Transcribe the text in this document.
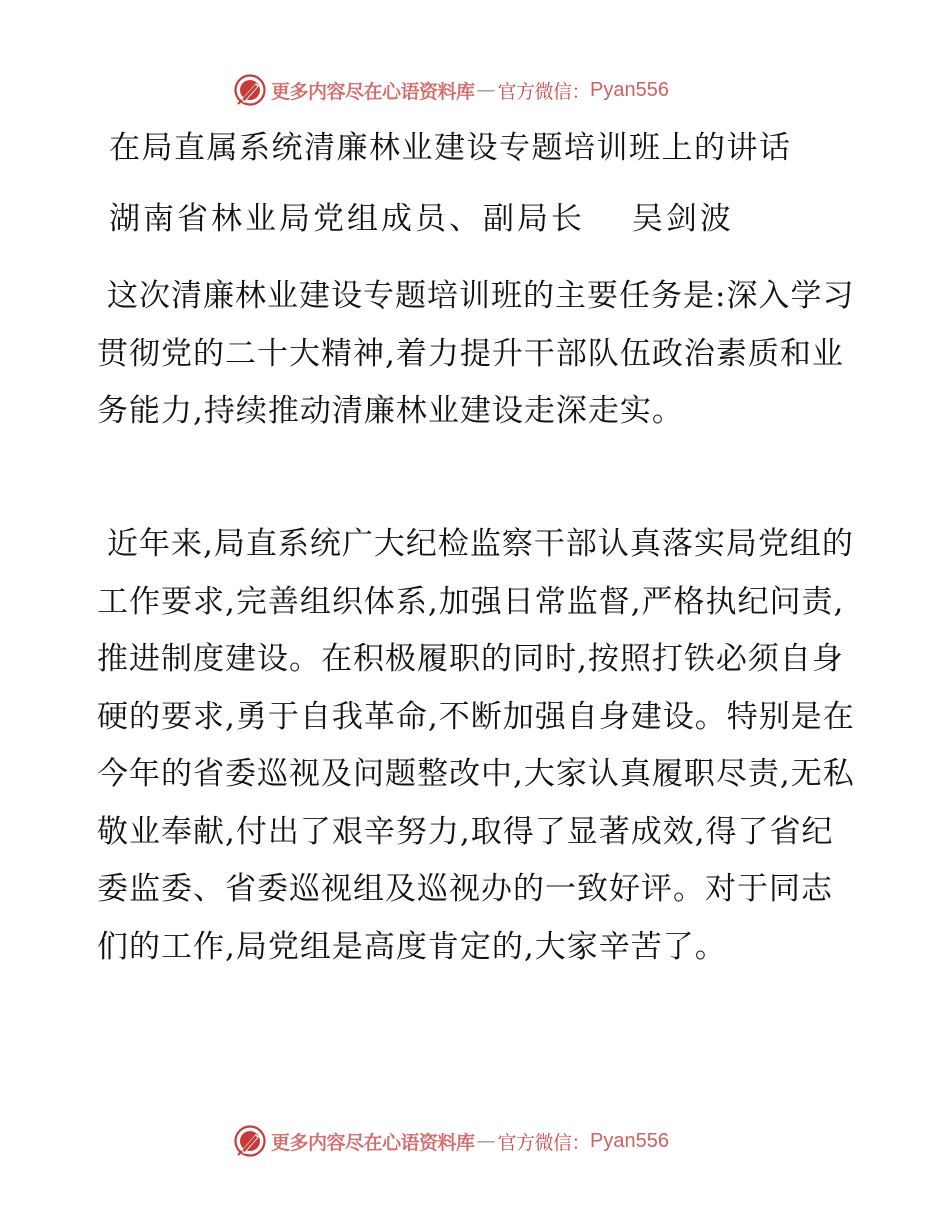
更多内容尽在心语资料库 — 官方微信： Pyan556
在局直属系统清廉林业建设专题培训班上的讲话
湖南省林业局党组成员、副局长　 吴剑波

这次清廉林业建设专题培训班的主要任务是:深入学习贯彻党的二十大精神,着力提升干部队伍政治素质和业务能力,持续推动清廉林业建设走深走实。

近年来,局直系统广大纪检监察干部认真落实局党组的工作要求,完善组织体系,加强日常监督,严格执纪问责,推进制度建设。在积极履职的同时,按照打铁必须自身硬的要求,勇于自我革命,不断加强自身建设。特别是在今年的省委巡视及问题整改中,大家认真履职尽责,无私敬业奉献,付出了艰辛努力,取得了显著成效,得了省纪委监委、省委巡视组及巡视办的一致好评。对于同志们的工作,局党组是高度肯定的,大家辛苦了。

更多内容尽在心语资料库 — 官方微信： Pyan556
